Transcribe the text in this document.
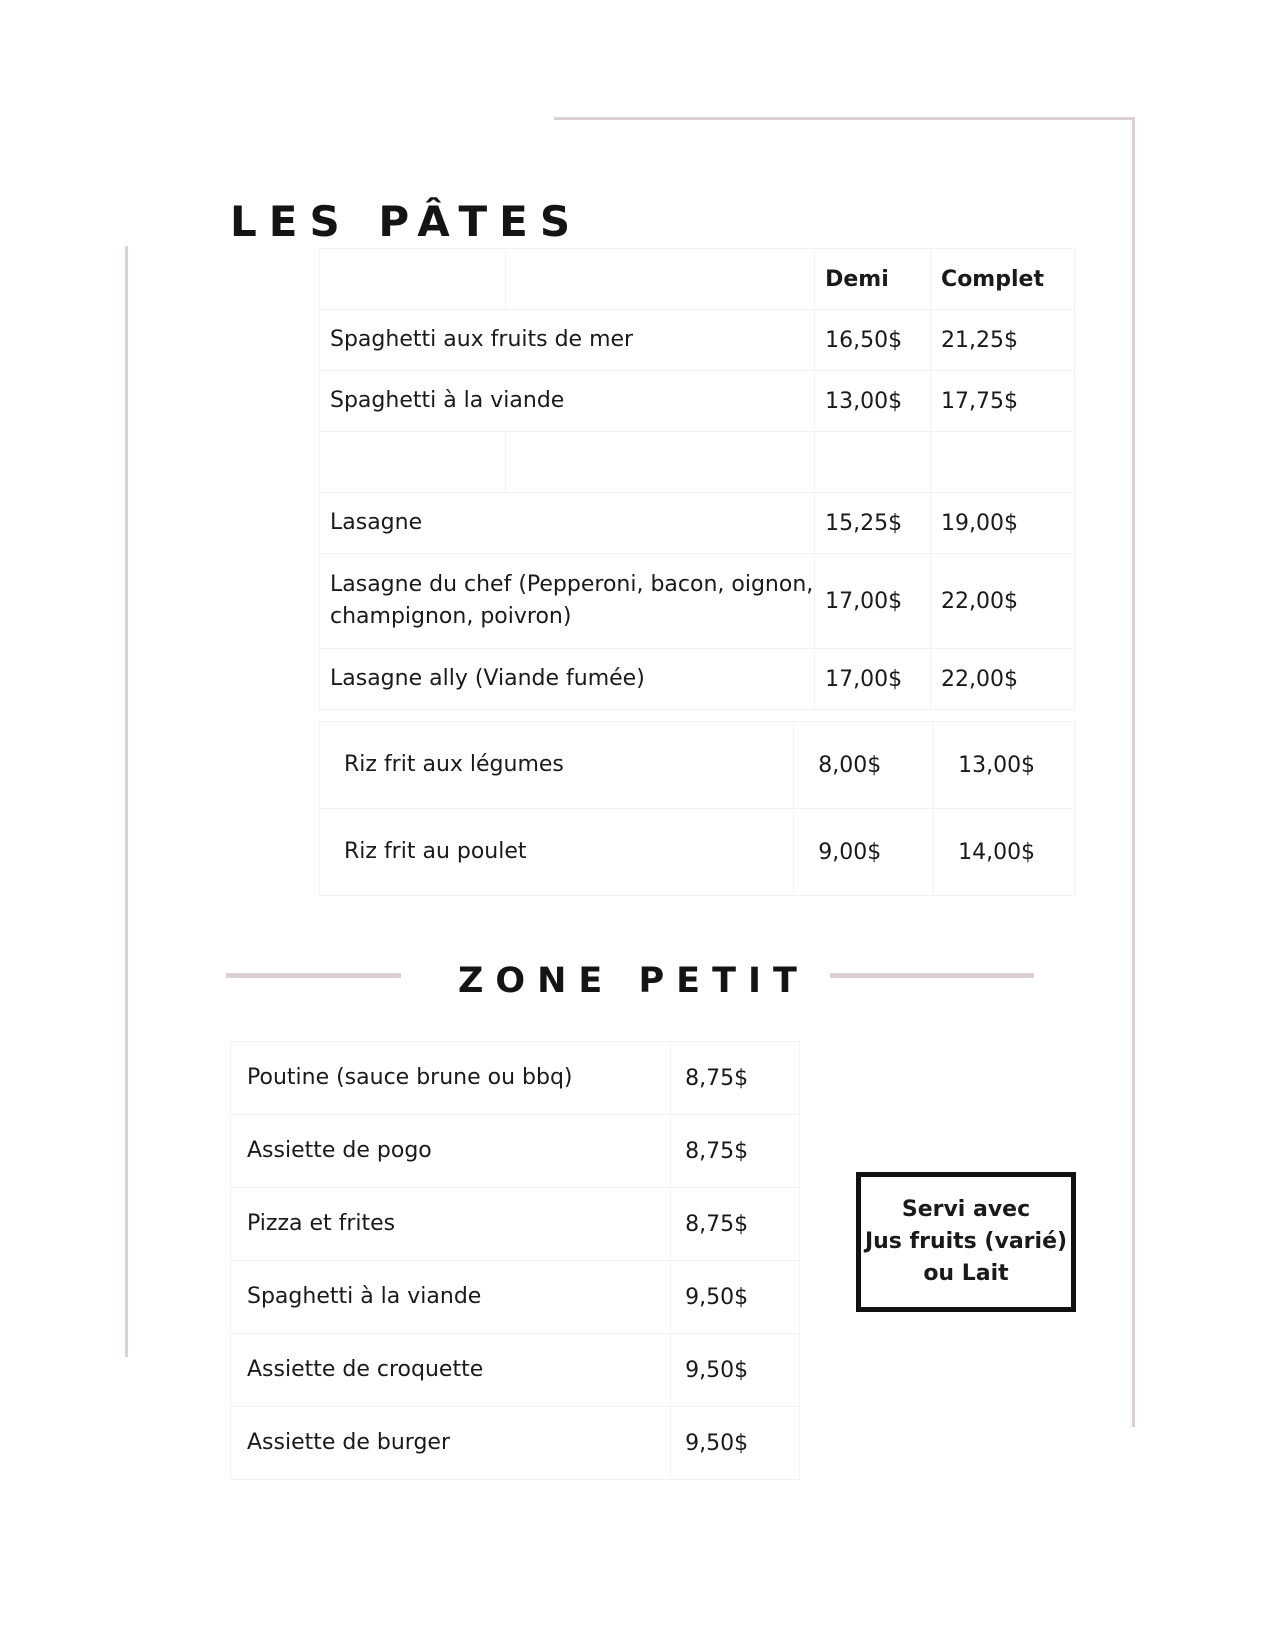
LES PÂTES
		Demi	Complet
Spaghetti aux fruits de mer		16,50$	21,25$
Spaghetti à la viande		13,00$	17,75$

Lasagne		15,25$	19,00$
Lasagne du chef (Pepperoni, bacon, oignon, champignon, poivron)		17,00$	22,00$
Lasagne ally (Viande fumée)		17,00$	22,00$
Riz frit aux légumes	8,00$	13,00$
Riz frit au poulet	9,00$	14,00$
ZONE PETIT
Poutine (sauce brune ou bbq)	8,75$
Assiette de pogo	8,75$
Pizza et frites	8,75$
Spaghetti à la viande	9,50$
Assiette de croquette	9,50$
Assiette de burger	9,50$
Servi avec
Jus fruits (varié)
ou Lait
